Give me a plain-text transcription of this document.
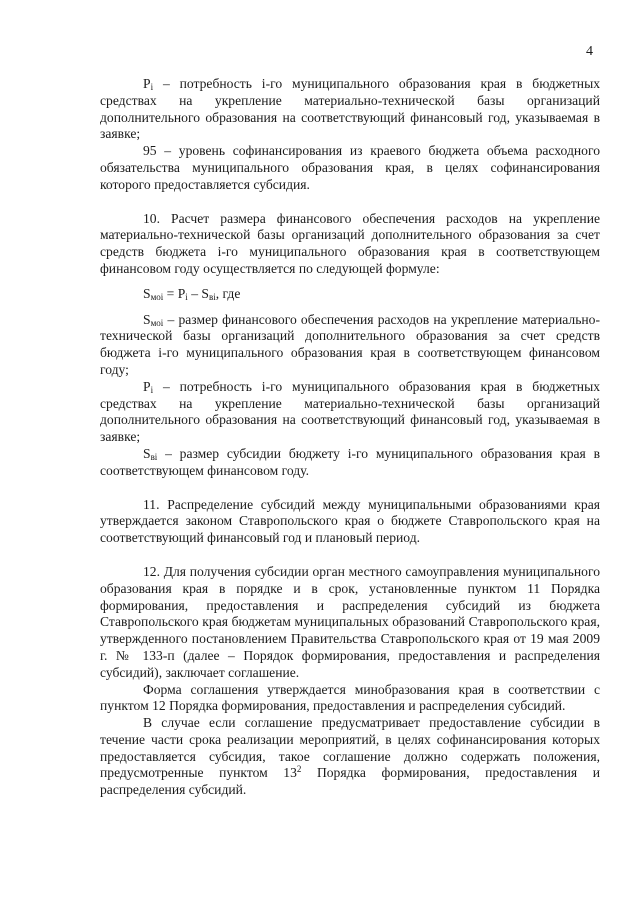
4

$P_i$ – потребность i-го муниципального образования края в бюджетных средствах на укрепление материально-технической базы организаций дополнительного образования на соответствующий финансовый год, указываемая в заявке;

95 – уровень софинансирования из краевого бюджета объема расходного обязательства муниципального образования края, в целях софинансирования которого предоставляется субсидия.

10. Расчет размера финансового обеспечения расходов на укрепление материально-технической базы организаций дополнительного образования за счет средств бюджета i-го муниципального образования края в соответствующем финансовом году осуществляется по следующей формуле:

$S_{мoi} = P_i - S_{вi}$, где

$S_{мoi}$ – размер финансового обеспечения расходов на укрепление материально-технической базы организаций дополнительного образования за счет средств бюджета i-го муниципального образования края в соответствующем финансовом году;

$P_i$ – потребность i-го муниципального образования края в бюджетных средствах на укрепление материально-технической базы организаций дополнительного образования на соответствующий финансовый год, указываемая в заявке;

$S_{вi}$ – размер субсидии бюджету i-го муниципального образования края в соответствующем финансовом году.

11. Распределение субсидий между муниципальными образованиями края утверждается законом Ставропольского края о бюджете Ставропольского края на соответствующий финансовый год и плановый период.

12. Для получения субсидии орган местного самоуправления муниципального образования края в порядке и в срок, установленные пунктом 11 Порядка формирования, предоставления и распределения субсидий из бюджета Ставропольского края бюджетам муниципальных образований Ставропольского края, утвержденного постановлением Правительства Ставропольского края от 19 мая 2009 г. № 133-п (далее – Порядок формирования, предоставления и распределения субсидий), заключает соглашение.

Форма соглашения утверждается минобразования края в соответствии с пунктом 12 Порядка формирования, предоставления и распределения субсидий.

В случае если соглашение предусматривает предоставление субсидии в течение части срока реализации мероприятий, в целях софинансирования которых предоставляется субсидия, такое соглашение должно содержать положения, предусмотренные пунктом $13^2$ Порядка формирования, предоставления и распределения субсидий.
